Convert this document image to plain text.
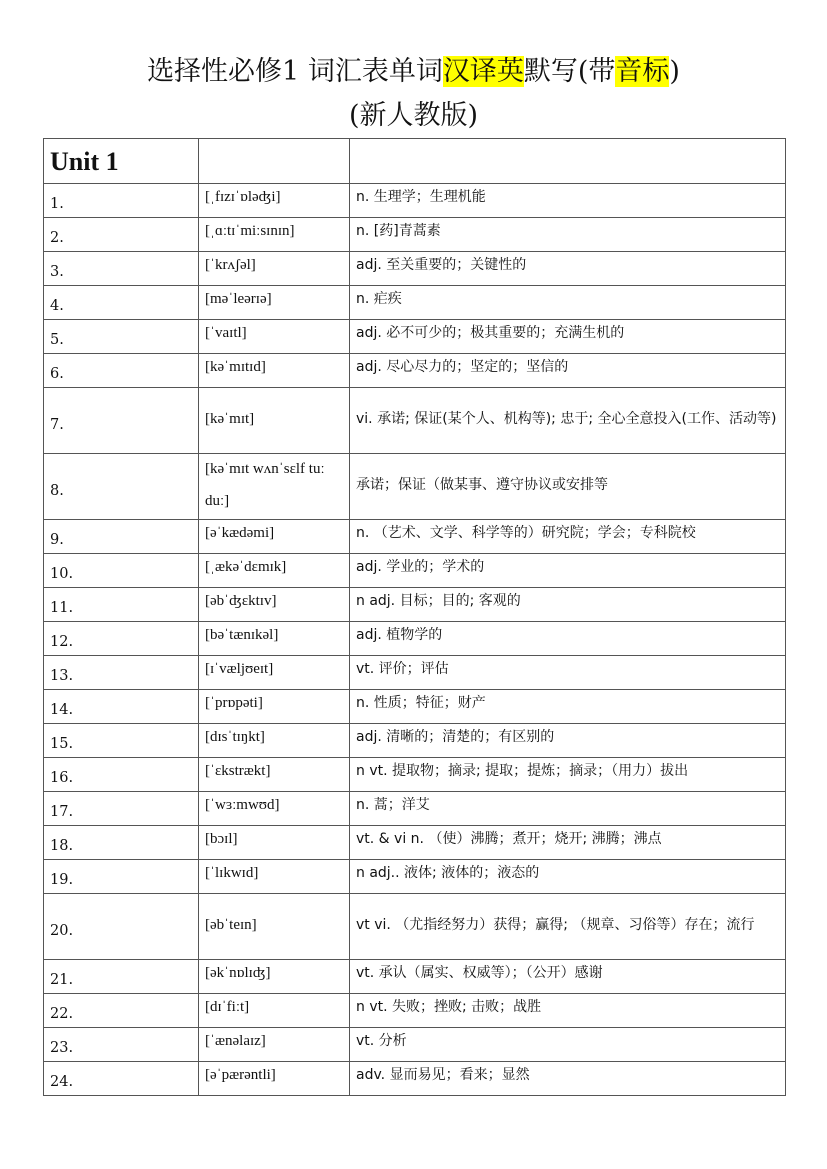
选择性必修1 词汇表单词汉译英默写(带音标)
(新人教版)
Unit 1		
1.	[ˌfɪzɪˈɒləʤi]	n. 生理学；生理机能
2.	[ˌɑːtɪˈmiːsɪnɪn]	n. [药]青蒿素
3.	[ˈkrʌʃəl]	adj. 至关重要的；关键性的
4.	[məˈleərɪə]	n. 疟疾
5.	[ˈvaɪtl]	adj. 必不可少的；极其重要的；充满生机的
6.	[kəˈmɪtɪd]	adj. 尽心尽力的；坚定的；坚信的
7.	[kəˈmɪt]	vi. 承诺; 保证(某个人、机构等); 忠于; 全心全意投入(工作、活动等)
8.	[kəˈmɪt wʌnˈsɛlf tuː duː]	承诺；保证（做某事、遵守协议或安排等
9.	[əˈkædəmi]	n. （艺术、文学、科学等的）研究院；学会；专科院校
10.	[ˌækəˈdɛmɪk]	adj. 学业的；学术的
11.	[əbˈʤɛktɪv]	n adj. 目标；目的; 客观的
12.	[bəˈtænɪkəl]	adj. 植物学的
13.	[ɪˈvæljʊeɪt]	vt. 评价；评估
14.	[ˈprɒpəti]	n. 性质；特征；财产
15.	[dɪsˈtɪŋkt]	adj. 清晰的；清楚的；有区别的
16.	[ˈɛkstrækt]	n vt. 提取物；摘录; 提取；提炼；摘录；（用力）拔出
17.	[ˈwɜːmwʊd]	n. 蒿；洋艾
18.	[bɔɪl]	vt. & vi n. （使）沸腾；煮开；烧开; 沸腾；沸点
19.	[ˈlɪkwɪd]	n adj.. 液体; 液体的；液态的
20.	[əbˈteɪn]	vt vi. （尤指经努力）获得；赢得; （规章、习俗等）存在；流行
21.	[əkˈnɒlɪʤ]	vt. 承认（属实、权威等）；（公开）感谢
22.	[dɪˈfiːt]	n vt. 失败；挫败; 击败；战胜
23.	[ˈænəlaɪz]	vt. 分析
24.	[əˈpærəntli]	adv. 显而易见；看来；显然
